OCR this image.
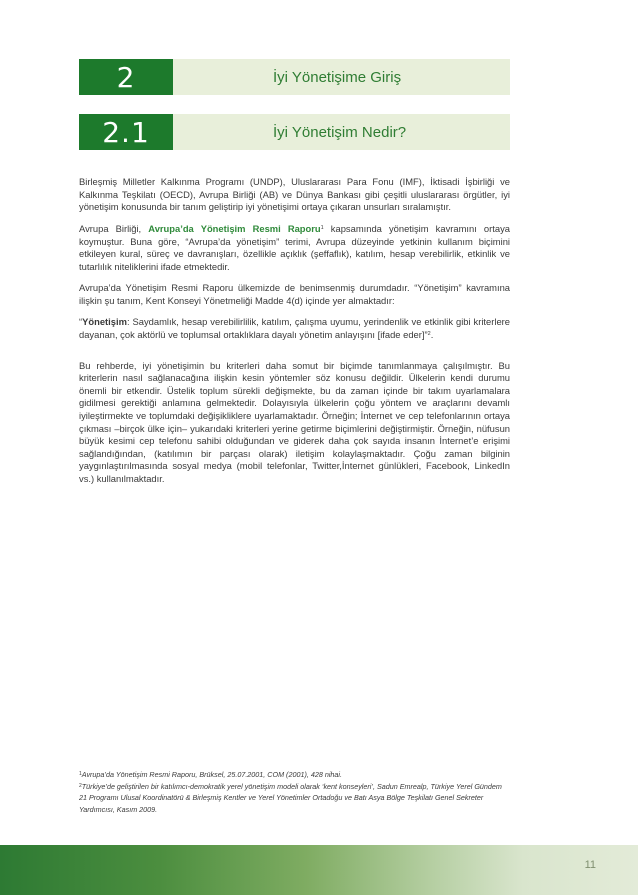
2	İyi Yönetişime Giriş
2.1	İyi Yönetişim Nedir?

Birleşmiş Milletler Kalkınma Programı (UNDP), Uluslararası Para Fonu (IMF), İktisadi İşbirliği ve Kalkınma Teşkilatı (OECD), Avrupa Birliği (AB) ve Dünya Bankası gibi çeşitli uluslararası örgütler, iyi yönetişim konusunda bir tanım geliştirip iyi yönetişimi ortaya çıkaran unsurları sıralamıştır.

Avrupa Birliği, Avrupa’da Yönetişim Resmi Raporu$^1$ kapsamında yönetişim kavramını ortaya koymuştur. Buna göre, “Avrupa’da yönetişim” terimi, Avrupa düzeyinde yetkinin kullanım biçimini etkileyen kural, süreç ve davranışları, özellikle açıklık (şeffaflık), katılım, hesap verebilirlik, etkinlik ve tutarlılık niteliklerini ifade etmektedir.

Avrupa’da Yönetişim Resmi Raporu ülkemizde de benimsenmiş durumdadır. “Yönetişim” kavramına ilişkin şu tanım, Kent Konseyi Yönetmeliği Madde 4(d) içinde yer almaktadır:

“Yönetişim: Saydamlık, hesap verebilirlilik, katılım, çalışma uyumu, yerindenlik ve etkinlik gibi kriterlere dayanan, çok aktörlü ve toplumsal ortaklıklara dayalı yönetim anlayışını [ifade eder]”$^2$.

Bu rehberde, iyi yönetişimin bu kriterleri daha somut bir biçimde tanımlanmaya çalışılmıştır. Bu kriterlerin nasıl sağlanacağına ilişkin kesin yöntemler söz konusu değildir. Ülkelerin kendi durumu önemli bir etkendir. Üstelik toplum sürekli değişmekte, bu da zaman içinde bir takım uyarlamalara gidilmesi gerektiği anlamına gelmektedir. Dolayısıyla ülkelerin çoğu yöntem ve araçlarını devamlı iyileştirmekte ve toplumdaki değişikliklere uyarlamaktadır. Örneğin; İnternet ve cep telefonlarının ortaya çıkması –birçok ülke için– yukarıdaki kriterleri yerine getirme biçimlerini değiştirmiştir. Örneğin, nüfusun büyük kesimi cep telefonu sahibi olduğundan ve giderek daha çok sayıda insanın İnternet’e erişimi sağlandığından, (katılımın bir parçası olarak) iletişim kolaylaşmaktadır. Çoğu zaman bilginin yaygınlaştırılmasında sosyal medya (mobil telefonlar, Twitter,İnternet günlükleri, Facebook, LinkedIn vs.) kullanılmaktadır.

$^1$Avrupa’da Yönetişim Resmi Raporu, Brüksel, 25.07.2001, COM (2001), 428 nihai.
$^2$Türkiye’de geliştirilen bir katılımcı-demokratik yerel yönetişim modeli olarak ‘kent konseyleri’, Sadun Emrealp, Türkiye Yerel Gündem 21 Programı Ulusal Koordinatörü & Birleşmiş Kentler ve Yerel Yönetimler Ortadoğu ve Batı Asya Bölge Teşkilatı Genel Sekreter Yardımcısı, Kasım 2009.
11
